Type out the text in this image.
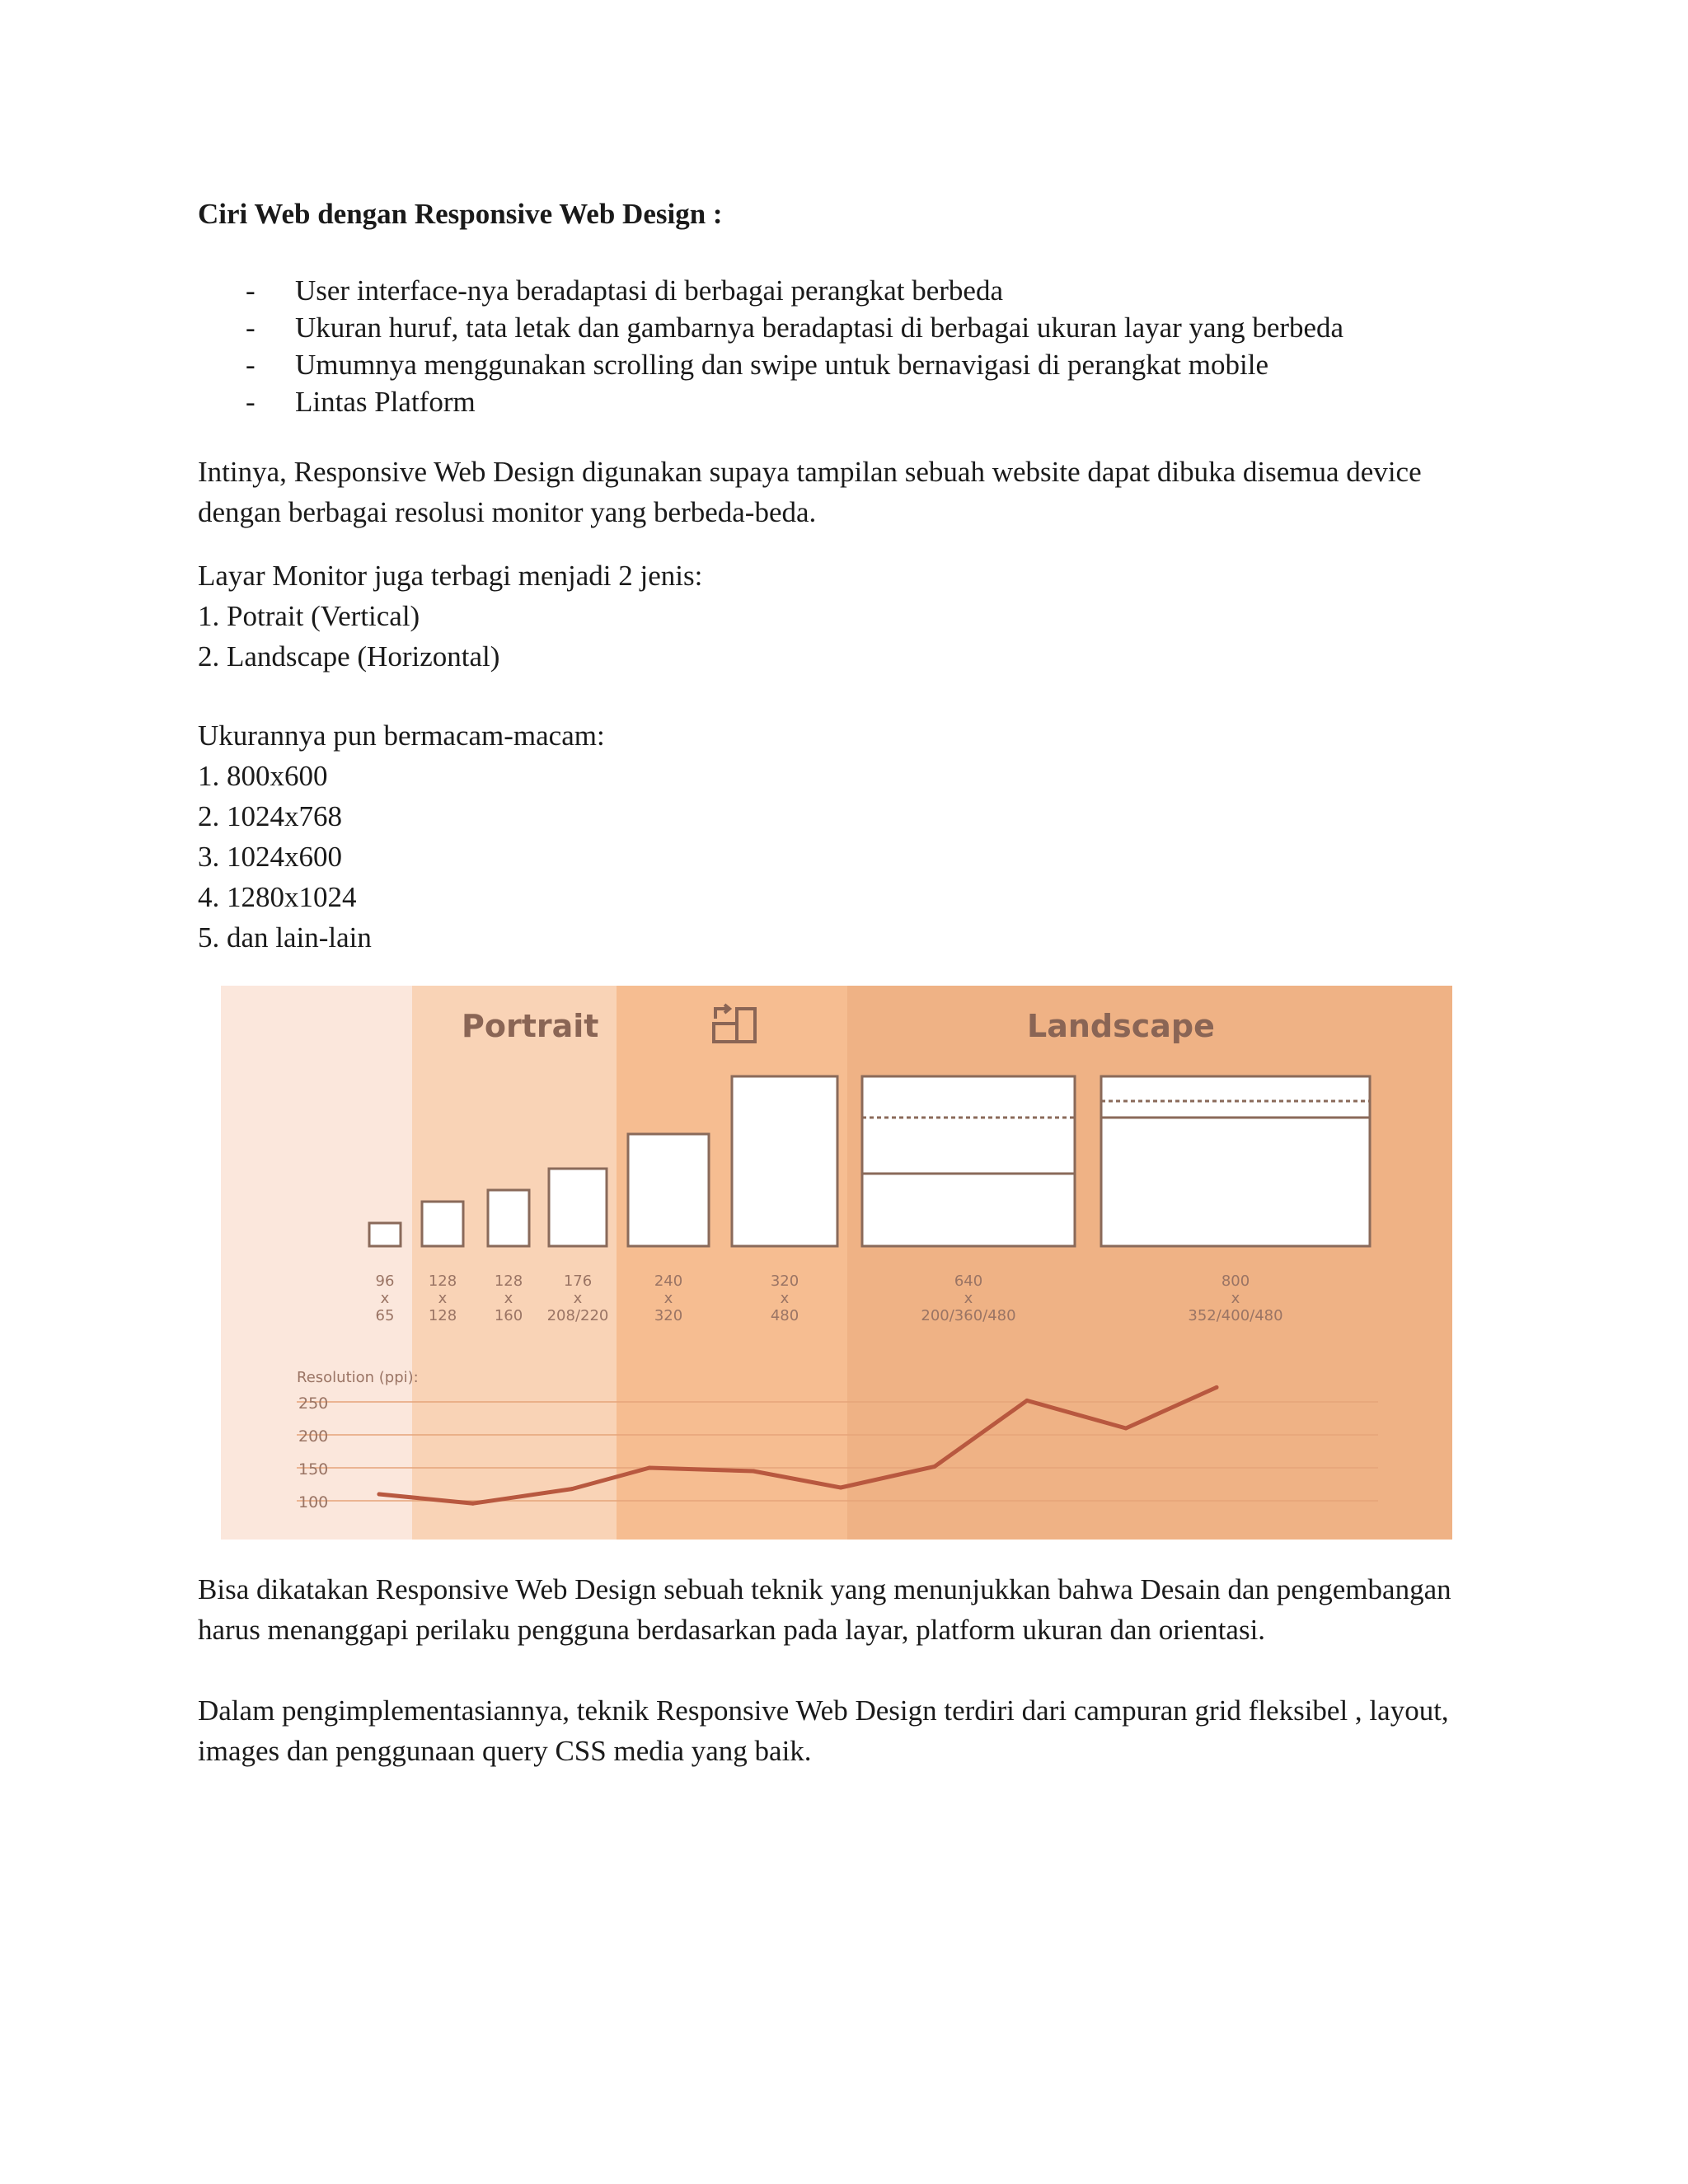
Ciri Web dengan Responsive Web Design :
- User interface-nya beradaptasi di berbagai perangkat berbeda
- Ukuran huruf, tata letak dan gambarnya beradaptasi di berbagai ukuran layar yang berbeda
- Umumnya menggunakan scrolling dan swipe untuk bernavigasi di perangkat mobile
- Lintas Platform

Intinya, Responsive Web Design digunakan supaya tampilan sebuah website dapat dibuka disemua device dengan berbagai resolusi monitor yang berbeda-beda.

Layar Monitor juga terbagi menjadi 2 jenis:
1. Potrait (Vertical)
2. Landscape (Horizontal)
Ukurannya pun bermacam-macam:
1. 800x600
2. 1024x768
3. 1024x600
4. 1280x1024
5. dan lain-lain
Portrait	Landscape
96
x
65
128
x
128
128
x
160
176
x
208/220
240
x
320
320
x
480
640
x
200/360/480
800
x
352/400/480
Resolution (ppi):
250
200
150
100

Bisa dikatakan Responsive Web Design sebuah teknik yang menunjukkan bahwa Desain dan pengembangan harus menanggapi perilaku pengguna berdasarkan pada layar, platform ukuran dan orientasi.

Dalam pengimplementasiannya, teknik Responsive Web Design terdiri dari campuran grid fleksibel , layout, images dan penggunaan query CSS media yang baik.
